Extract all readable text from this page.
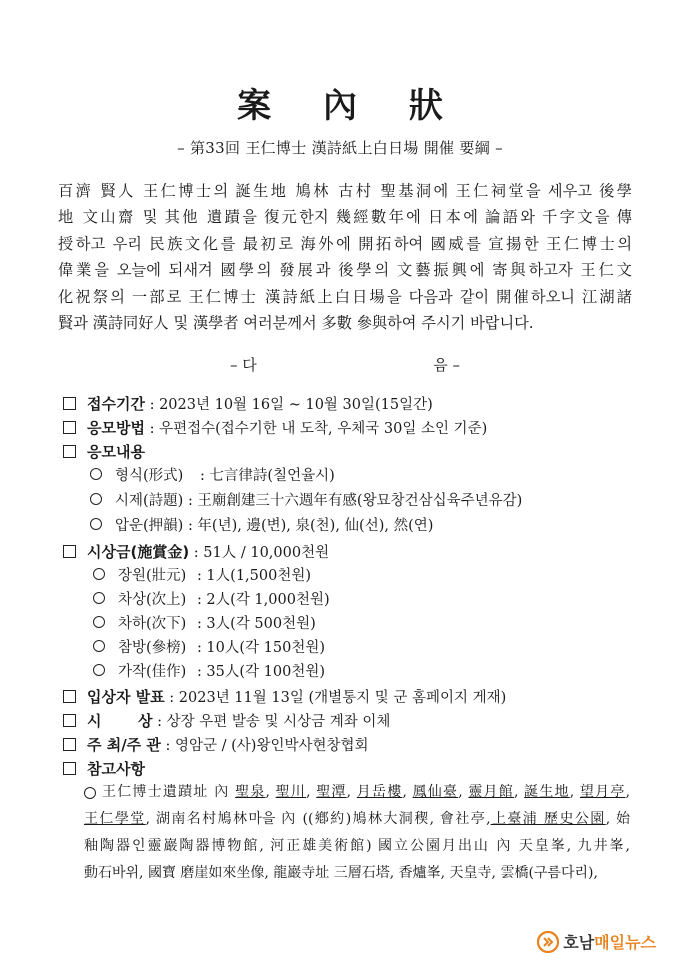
案 內 狀
– 第33回 王仁博士 漢詩紙上白日場 開催 要綱 –

百濟 賢人 王仁博士의 誕生地 鳩林 古村 聖基洞에 王仁祠堂을 세우고 後學

地 文山齋 및 其他 遺蹟을 復元한지 幾經數年에 日本에 論語와 千字文을 傳

授하고 우리 民族文化를 最初로 海外에 開拓하여 國威를 宣揚한 王仁博士의

偉業을 오늘에 되새겨 國學의 發展과 後學의 文藝振興에 寄與하고자 王仁文

化祝祭의 一部로 王仁博士 漢詩紙上白日場을 다음과 같이 開催하오니 江湖諸

賢과 漢詩同好人 및 漢學者 여러분께서 多數 參與하여 주시기 바랍니다.

– 다	음 –
접수기간 : 2023년 10월 16일 ~ 10월 30일(15일간)
응모방법 : 우편접수(접수기한 내 도착, 우체국 30일 소인 기준)
응모내용
형식(形式) : 七言律詩(칠언율시)
시제(詩題) : 王廟創建三十六週年有感(왕묘창건삼십육주년유감)
압운(押韻) : 年(년), 邊(변), 泉(천), 仙(선), 然(연)
시상금(施賞金) : 51人 / 10,000천원
장원(壯元) : 1人(1,500천원)
차상(次上) : 2人(각 1,000천원)
차하(次下) : 3人(각 500천원)
참방(參榜) : 10人(각 150천원)
가작(佳作) : 35人(각 100천원)
입상자 발표 : 2023년 11월 13일 (개별통지 및 군 홈페이지 게재)
시       상 : 상장 우편 발송 및 시상금 계좌 이체
주 최/주 관 : 영암군 / (사)왕인박사현창협회
참고사항

王仁博士遺蹟址 內 聖泉, 聖川, 聖潭, 月岳樓, 鳳仙臺, 靈月館, 誕生地, 望月亭,

王仁學堂, 湖南名村鳩林마을 內 ((鄕約)鳩林大洞稧, 會社亭,上臺浦 歷史公園, 始

釉陶器인靈巖陶器博物館, 河正雄美術館) 國立公園月出山 內 天皇峯, 九井峯,

動石바위, 國寶 磨崖如來坐像, 龍巖寺址 三層石塔, 香爐峯, 天皇寺, 雲橋(구름다리),

호남 매일뉴스
